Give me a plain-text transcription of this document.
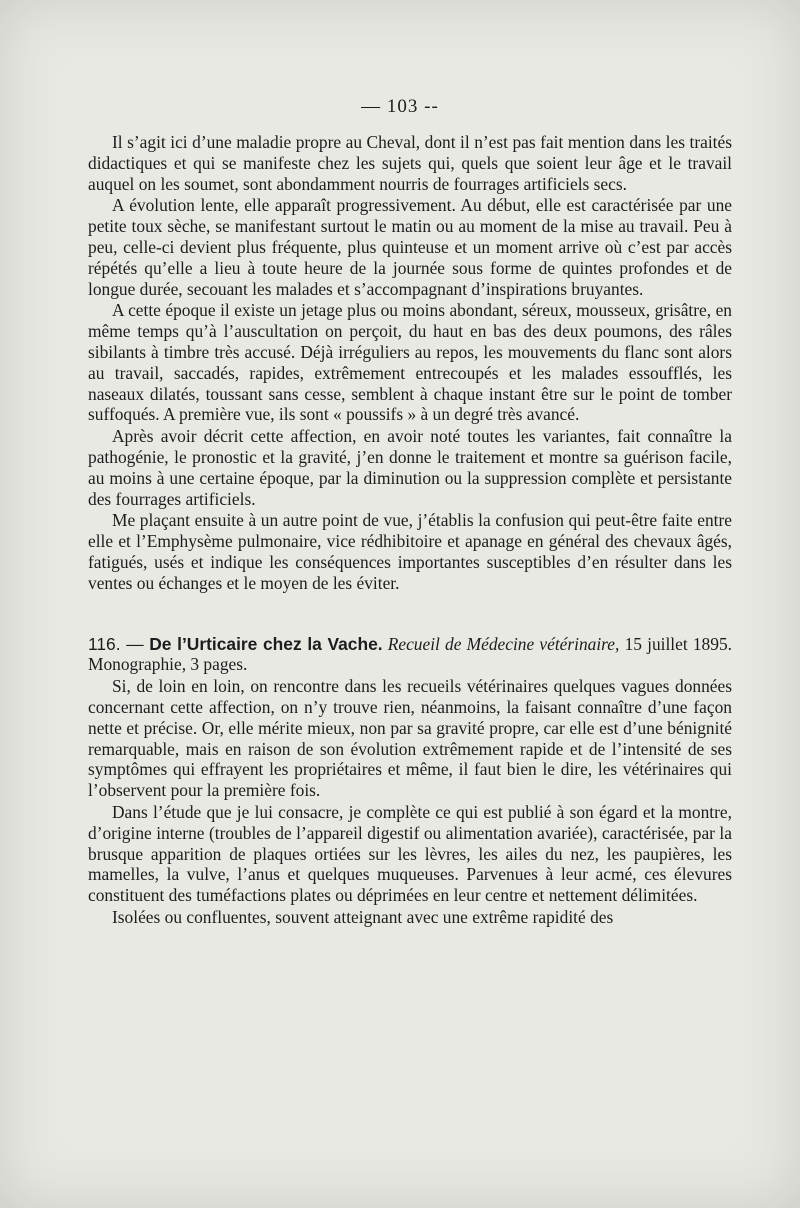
— 103 --

Il s’agit ici d’une maladie propre au Cheval, dont il n’est pas fait mention dans les traités didactiques et qui se manifeste chez les sujets qui, quels que soient leur âge et le travail auquel on les soumet, sont abondamment nourris de fourrages artificiels secs.

A évolution lente, elle apparaît progressivement. Au début, elle est caractérisée par une petite toux sèche, se manifestant surtout le matin ou au moment de la mise au travail. Peu à peu, celle-ci devient plus fréquente, plus quinteuse et un moment arrive où c’est par accès répétés qu’elle a lieu à toute heure de la journée sous forme de quintes profondes et de longue durée, secouant les malades et s’accompagnant d’inspirations bruyantes.

A cette époque il existe un jetage plus ou moins abondant, séreux, mousseux, grisâtre, en même temps qu’à l’auscultation on perçoit, du haut en bas des deux poumons, des râles sibilants à timbre très accusé. Déjà irréguliers au repos, les mouvements du flanc sont alors au travail, saccadés, rapides, extrêmement entrecoupés et les malades essoufflés, les naseaux dilatés, toussant sans cesse, semblent à chaque instant être sur le point de tomber suffoqués. A première vue, ils sont « poussifs » à un degré très avancé.

Après avoir décrit cette affection, en avoir noté toutes les variantes, fait connaître la pathogénie, le pronostic et la gravité, j’en donne le traitement et montre sa guérison facile, au moins à une certaine époque, par la diminution ou la suppression complète et persistante des fourrages artificiels.

Me plaçant ensuite à un autre point de vue, j’établis la confusion qui peut-être faite entre elle et l’Emphysème pulmonaire, vice rédhibitoire et apanage en général des chevaux âgés, fatigués, usés et indique les conséquences importantes susceptibles d’en résulter dans les ventes ou échanges et le moyen de les éviter.

116. — De l’Urticaire chez la Vache. Recueil de Médecine vétérinaire, 15 juillet 1895. Monographie, 3 pages.

Si, de loin en loin, on rencontre dans les recueils vétérinaires quelques vagues données concernant cette affection, on n’y trouve rien, néanmoins, la faisant connaître d’une façon nette et précise. Or, elle mérite mieux, non par sa gravité propre, car elle est d’une bénignité remarquable, mais en raison de son évolution extrêmement rapide et de l’intensité de ses symptômes qui effrayent les propriétaires et même, il faut bien le dire, les vétérinaires qui l’observent pour la première fois.

Dans l’étude que je lui consacre, je complète ce qui est publié à son égard et la montre, d’origine interne (troubles de l’appareil digestif ou alimentation avariée), caractérisée, par la brusque apparition de plaques ortiées sur les lèvres, les ailes du nez, les paupières, les mamelles, la vulve, l’anus et quelques muqueuses. Parvenues à leur acmé, ces élevures constituent des tuméfactions plates ou déprimées en leur centre et nettement délimitées.

Isolées ou confluentes, souvent atteignant avec une extrême rapidité des
